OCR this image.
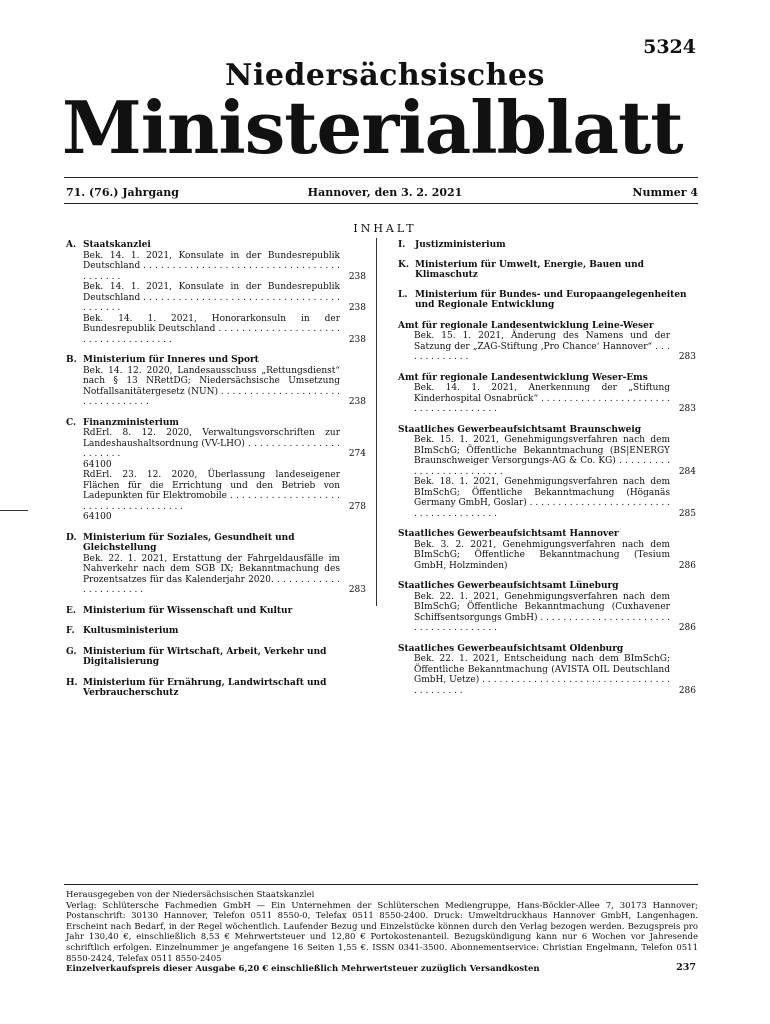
5324
Niedersächsisches
Ministerialblatt
71. (76.) Jahrgang	Hannover, den 3. 2. 2021	Nummer 4
INHALT
A. Staatskanzlei
Bek. 14. 1. 2021, Konsulate in der Bundesrepublik Deutschland . . . . . . . . . . . . . . . . . . . . . . . . . . . . . . . . . . . . . . . . .	238
Bek. 14. 1. 2021, Konsulate in der Bundesrepublik Deutschland . . . . . . . . . . . . . . . . . . . . . . . . . . . . . . . . . . . . . . . . .	238
Bek. 14. 1. 2021, Honorarkonsuln in der Bundesrepublik Deutschland . . . . . . . . . . . . . . . . . . . . . . . . . . . . . . . . . . . . .	238
B. Ministerium für Inneres und Sport
Bek. 14. 12. 2020, Landesausschuss „Rettungsdienst“ nach § 13 NRettDG; Niedersächsische Umsetzung Notfallsanitätergesetz (NUN) . . . . . . . . . . . . . . . . . . . . . . . . . . . . . . . . .	238
C. Finanzministerium
RdErl. 8. 12. 2020, Verwaltungsvorschriften zur Landeshaushaltsordnung (VV-LHO) . . . . . . . . . . . . . . . . . . . . . . .	274
64100
RdErl. 23. 12. 2020, Überlassung landeseigener Flächen für die Errichtung und den Betrieb von Ladepunkten für Elektromobile . . . . . . . . . . . . . . . . . . . . . . . . . . . . . . . . . . . . .	278
64100
D. Ministerium für Soziales, Gesundheit und Gleichstellung
Bek. 22. 1. 2021, Erstattung der Fahrgeldausfälle im Nahverkehr nach dem SGB IX; Bekanntmachung des Prozentsatzes für das Kalenderjahr 2020. . . . . . . . . . . . . . . . . . . . . . .	283
E. Ministerium für Wissenschaft und Kultur
F. Kultusministerium
G. Ministerium für Wirtschaft, Arbeit, Verkehr und Digitalisierung
H. Ministerium für Ernährung, Landwirtschaft und Verbraucherschutz
I.	Justizministerium
K. Ministerium für Umwelt, Energie, Bauen und Klimaschutz
L. Ministerium für Bundes- und Europaangelegenheiten und Regionale Entwicklung
Amt für regionale Landesentwicklung Leine-Weser
Bek. 15. 1. 2021, Änderung des Namens und der Satzung der „ZAG-Stiftung ‚Pro Chance‘ Hannover“ . . . . . . . . . . . . .	283
Amt für regionale Landesentwicklung Weser-Ems
Bek. 14. 1. 2021, Anerkennung der „Stiftung Kinderhospital Osnabrück“ . . . . . . . . . . . . . . . . . . . . . . . . . . . . . . . . . . . . . .	283
Staatliches Gewerbeaufsichtsamt Braunschweig
Bek. 15. 1. 2021, Genehmigungsverfahren nach dem BImSchG; Öffentliche Bekanntmachung (BS|ENERGY Braunschweiger Versorgungs-AG & Co. KG) . . . . . . . . . . . . . . . . . . . . . . . . .	284
Bek. 18. 1. 2021, Genehmigungsverfahren nach dem BImSchG; Öffentliche Bekanntmachung (Höganäs Germany GmbH, Goslar) . . . . . . . . . . . . . . . . . . . . . . . . . . . . . . . . . . . . . . . .	285
Staatliches Gewerbeaufsichtsamt Hannover
Bek. 3. 2. 2021, Genehmigungsverfahren nach dem BImSchG; Öffentliche Bekanntmachung (Tesium GmbH, Holzminden)	286
Staatliches Gewerbeaufsichtsamt Lüneburg
Bek. 22. 1. 2021, Genehmigungsverfahren nach dem BImSchG; Öffentliche Bekanntmachung (Cuxhavener Schiffsentsorgungs GmbH) . . . . . . . . . . . . . . . . . . . . . . . . . . . . . . . . . . . . . .	286
Staatliches Gewerbeaufsichtsamt Oldenburg
Bek. 22. 1. 2021, Entscheidung nach dem BImSchG; Öffentliche Bekanntmachung (AVISTA OIL Deutschland GmbH, Uetze) . . . . . . . . . . . . . . . . . . . . . . . . . . . . . . . . . . . . . . . . . .	286
Herausgegeben von der Niedersächsischen Staatskanzlei
Verlag: Schlütersche Fachmedien GmbH — Ein Unternehmen der Schlüterschen Mediengruppe, Hans-Böckler-Allee 7, 30173 Hannover; Postanschrift: 30130 Hannover, Telefon 0511 8550-0, Telefax 0511 8550-2400. Druck: Umweltdruckhaus Hannover GmbH, Langenhagen. Erscheint nach Bedarf, in der Regel wöchentlich. Laufender Bezug und Einzelstücke können durch den Verlag bezogen werden. Bezugspreis pro Jahr 130,40 €, einschließlich 8,53 € Mehrwertsteuer und 12,80 € Portokostenanteil. Bezugskündigung kann nur 6 Wochen vor Jahresende schriftlich erfolgen. Einzelnummer je angefangene 16 Seiten 1,55 €. ISSN 0341-3500. Abonnementservice: Christian Engelmann, Telefon 0511 8550-2424, Telefax 0511 8550-2405
Einzelverkaufspreis dieser Ausgabe 6,20 € einschließlich Mehrwertsteuer zuzüglich Versandkosten	237
